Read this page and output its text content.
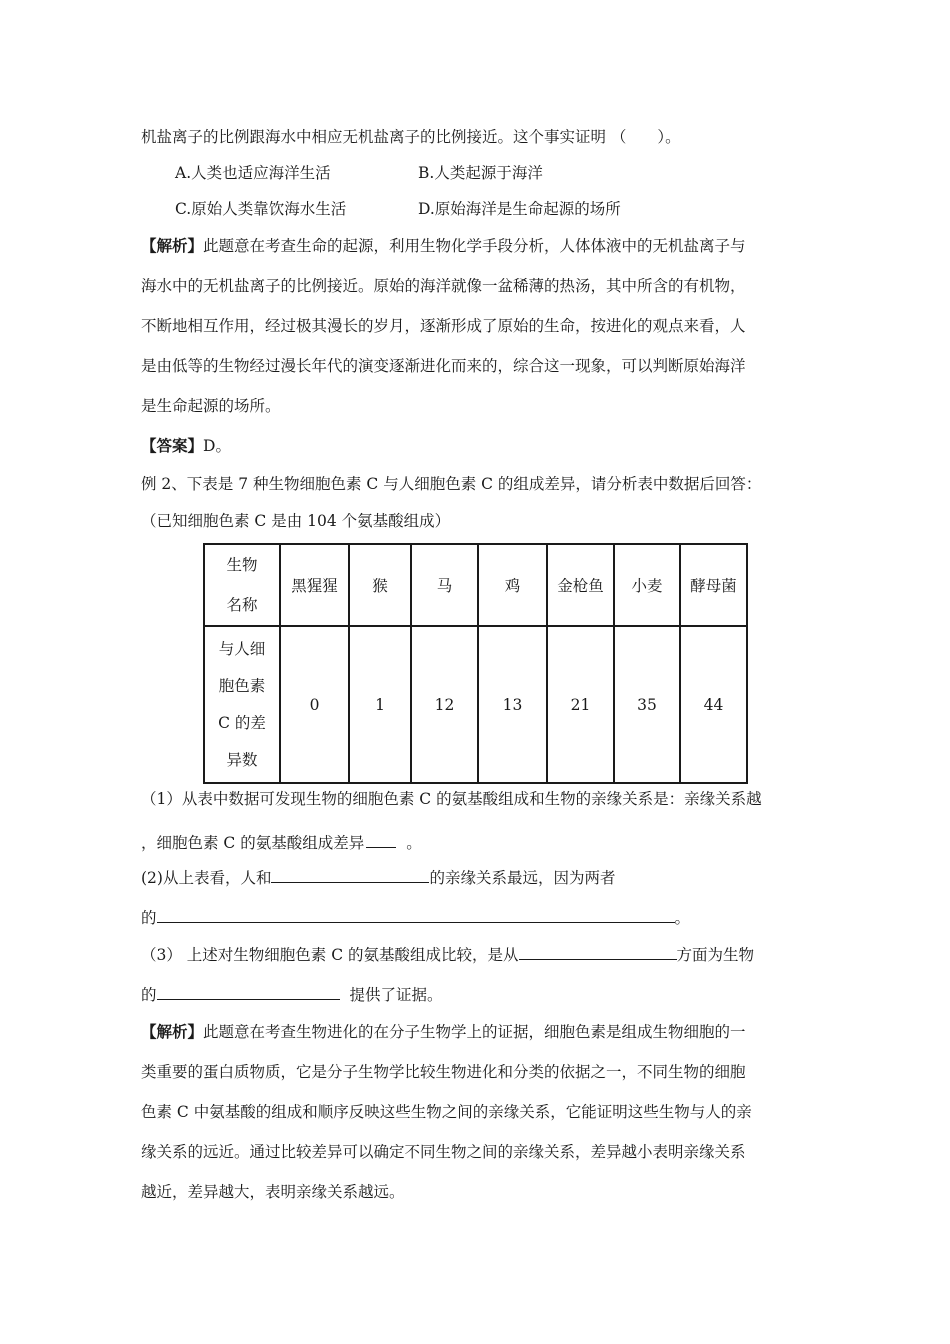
机盐离子的比例跟海水中相应无机盐离子的比例接近。这个事实证明 （　　）。
A.人类也适应海洋生活	B.人类起源于海洋
C.原始人类靠饮海水生活	D.原始海洋是生命起源的场所
【解析】此题意在考查生命的起源，利用生物化学手段分析，人体体液中的无机盐离子与
海水中的无机盐离子的比例接近。原始的海洋就像一盆稀薄的热汤，其中所含的有机物，
不断地相互作用，经过极其漫长的岁月，逐渐形成了原始的生命，按进化的观点来看，人
是由低等的生物经过漫长年代的演变逐渐进化而来的，综合这一现象，可以判断原始海洋
是生命起源的场所。
【答案】D。
例 2、下表是 7 种生物细胞色素 C 与人细胞色素 C 的组成差异，请分析表中数据后回答：
（已知细胞色素 C 是由 104 个氨基酸组成）
生物
名称	黑猩猩	猴	马	鸡	金枪鱼	小麦	酵母菌

与人细
胞色素
C 的差
异数	0	1	12	13	21	35	44
（1）从表中数据可发现生物的细胞色素 C 的氨基酸组成和生物的亲缘关系是：亲缘关系越
，细胞色素 C 的氨基酸组成差异	。
(2)从上表看，人和	的亲缘关系最远，因为两者
的	。
（3） 上述对生物细胞色素 C 的氨基酸组成比较，是从	方面为生物
的	提供了证据。
【解析】此题意在考查生物进化的在分子生物学上的证据，细胞色素是组成生物细胞的一
类重要的蛋白质物质，它是分子生物学比较生物进化和分类的依据之一，不同生物的细胞
色素 C 中氨基酸的组成和顺序反映这些生物之间的亲缘关系，它能证明这些生物与人的亲
缘关系的远近。通过比较差异可以确定不同生物之间的亲缘关系，差异越小表明亲缘关系
越近，差异越大，表明亲缘关系越远。
